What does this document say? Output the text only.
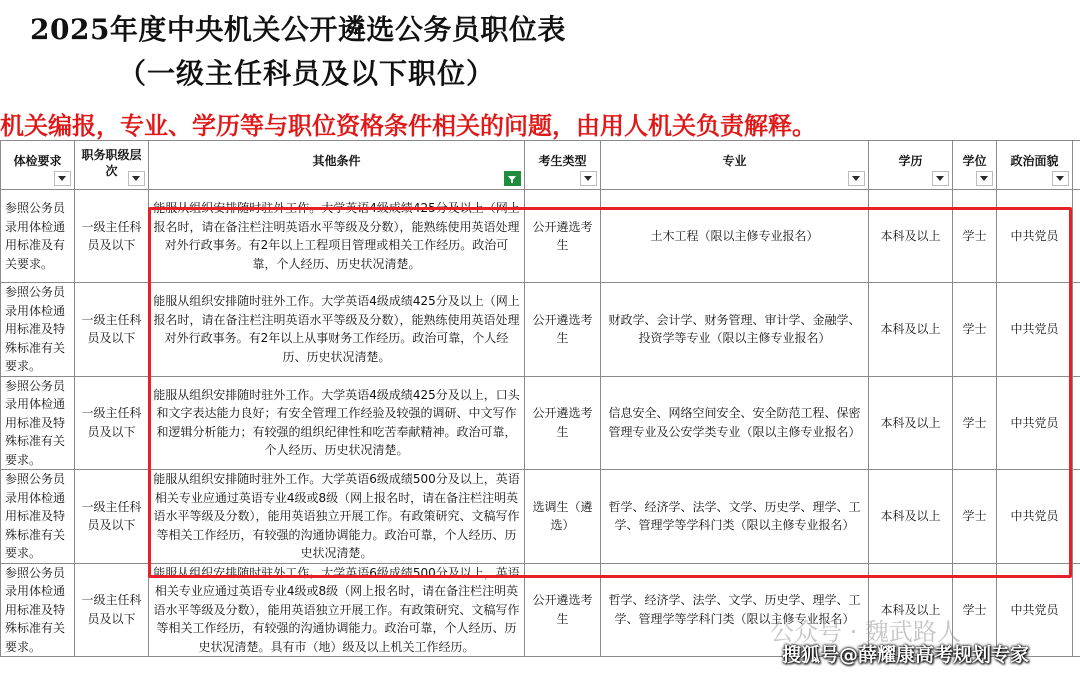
2025年度中央机关公开遴选公务员职位表
（一级主任科员及以下职位）
机关编报，专业、学历等与职位资格条件相关的问题，由用人机关负责解释。
体检要求	职务职级层次	其他条件	考生类型	专业	学历	学位	政治面貌	

参照公务员录用体检通用标准及有关要求。	一级主任科员及以下	能服从组织安排随时驻外工作。大学英语4级成绩425分及以上（网上报名时，请在备注栏注明英语水平等级及分数），能熟练使用英语处理对外行政事务。有2年以上工程项目管理或相关工作经历。政治可靠，个人经历、历史状况清楚。	公开遴选考生	土木工程（限以主修专业报名）	本科及以上	学士	中共党员	
参照公务员录用体检通用标准及特殊标准有关要求。	一级主任科员及以下	能服从组织安排随时驻外工作。大学英语4级成绩425分及以上（网上报名时，请在备注栏注明英语水平等级及分数），能熟练使用英语处理对外行政事务。有2年以上从事财务工作经历。政治可靠，个人经历、历史状况清楚。	公开遴选考生	财政学、会计学、财务管理、审计学、金融学、投资学等专业（限以主修专业报名）	本科及以上	学士	中共党员	
参照公务员录用体检通用标准及特殊标准有关要求。	一级主任科员及以下	能服从组织安排随时驻外工作。大学英语4级成绩425分及以上，口头和文字表达能力良好；有安全管理工作经验及较强的调研、中文写作和逻辑分析能力；有较强的组织纪律性和吃苦奉献精神。政治可靠，个人经历、历史状况清楚。	公开遴选考生	信息安全、网络空间安全、安全防范工程、保密管理专业及公安学类专业（限以主修专业报名）	本科及以上	学士	中共党员	
参照公务员录用体检通用标准及特殊标准有关要求。	一级主任科员及以下	能服从组织安排随时驻外工作。大学英语6级成绩500分及以上，英语相关专业应通过英语专业4级或8级（网上报名时，请在备注栏注明英语水平等级及分数），能用英语独立开展工作。有政策研究、文稿写作等相关工作经历，有较强的沟通协调能力。政治可靠，个人经历、历史状况清楚。	选调生（遴选）	哲学、经济学、法学、文学、历史学、理学、工学、管理学等学科门类（限以主修专业报名）	本科及以上	学士	中共党员	
参照公务员录用体检通用标准及特殊标准有关要求。	一级主任科员及以下	能服从组织安排随时驻外工作。大学英语6级成绩500分及以上，英语相关专业应通过英语专业4级或8级（网上报名时，请在备注栏注明英语水平等级及分数），能用英语独立开展工作。有政策研究、文稿写作等相关工作经历，有较强的沟通协调能力。政治可靠，个人经历、历史状况清楚。具有市（地）级及以上机关工作经历。	公开遴选考生	哲学、经济学、法学、文学、历史学、理学、工学、管理学等学科门类（限以主修专业报名）	本科及以上	学士	中共党员	
公众号 · 魏武路人
搜狐号@薛耀康高考规划专家
